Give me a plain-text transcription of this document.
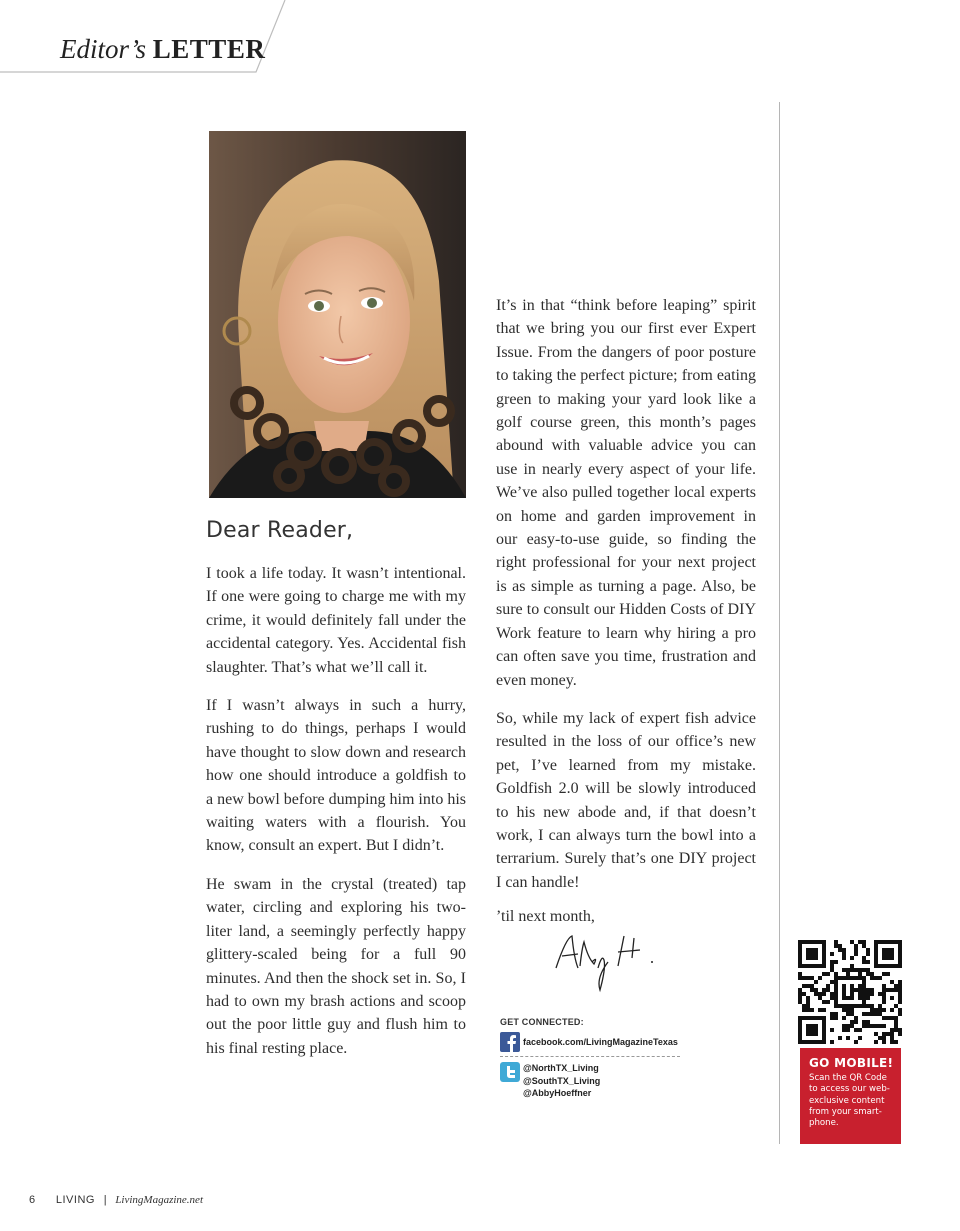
Editor’s LETTER
Dear Reader,

I took a life today. It wasn’t intentional. If one were going to charge me with my crime, it would definitely fall under the accidental category. Yes. Accidental fish slaughter. That’s what we’ll call it.

If I wasn’t always in such a hurry, rushing to do things, perhaps I would have thought to slow down and research how one should introduce a goldfish to a new bowl before dumping him into his waiting waters with a flourish. You know, consult an expert. But I didn’t.

He swam in the crystal (treated) tap water, circling and exploring his two-liter land, a seemingly perfectly happy glittery-scaled being for a full 90 minutes. And then the shock set in. So, I had to own my brash actions and scoop out the poor little guy and flush him to his final resting place.

It’s in that “think before leaping” spirit that we bring you our first ever Expert Issue. From the dangers of poor posture to taking the perfect picture; from eating green to making your yard look like a golf course green, this month’s pages abound with valuable advice you can use in nearly every aspect of your life. We’ve also pulled together local experts on home and garden improvement in our easy-to-use guide, so finding the right professional for your next project is as simple as turning a page. Also, be sure to consult our Hidden Costs of DIY Work feature to learn why hiring a pro can often save you time, frustration and even money.

So, while my lack of expert fish advice resulted in the loss of our office’s new pet, I’ve learned from my mistake. Goldfish 2.0 will be slowly introduced to his new abode and, if that doesn’t work, I can always turn the bowl into a terrarium. Surely that’s one DIY project I can handle!

’til next month,
GET CONNECTED:
facebook.com/LivingMagazineTexas
@NorthTX_Living
@SouthTX_Living
@AbbyHoeffner
GO MOBILE!
Scan the QR Code to access our web-exclusive content from your smart-phone.
6 LIVING | LivingMagazine.net
